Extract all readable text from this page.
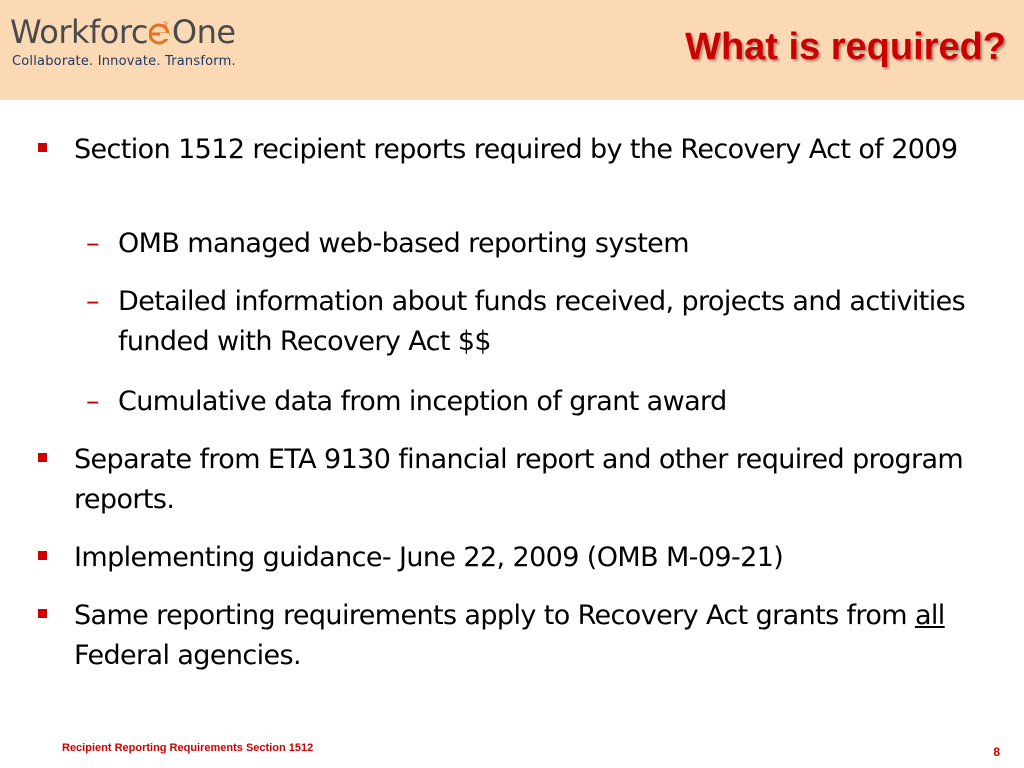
Workforc 3 One
Collaborate. Innovate. Transform.	What is required?
Section 1512 recipient reports required by the Recovery Act of 2009
– OMB managed web-based reporting system
– Detailed information about funds received, projects and activities funded with Recovery Act $$
– Cumulative data from inception of grant award
Separate from ETA 9130 financial report and other required program reports.
Implementing guidance- June 22, 2009 (OMB M-09-21)
Same reporting requirements apply to Recovery Act grants from all Federal agencies.
Recipient Reporting Requirements Section 1512	8
